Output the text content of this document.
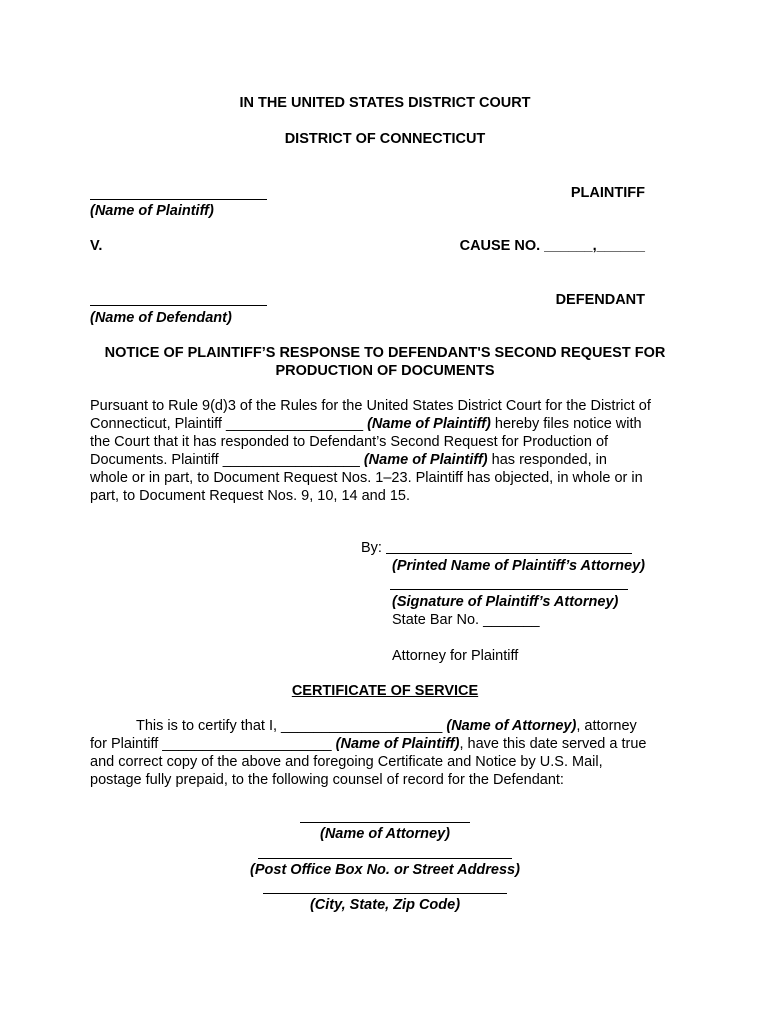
IN THE UNITED STATES DISTRICT COURT
DISTRICT OF CONNECTICUT
PLAINTIFF
(Name of Plaintiff)
V.	CAUSE NO. ______,______
DEFENDANT
(Name of Defendant)
NOTICE OF PLAINTIFF’S RESPONSE TO DEFENDANT'S SECOND REQUEST FOR
PRODUCTION OF DOCUMENTS
Pursuant to Rule 9(d)3 of the Rules for the United States District Court for the District of
Connecticut, Plaintiff _________________ (Name of Plaintiff) hereby files notice with
the Court that it has responded to Defendant’s Second Request for Production of
Documents. Plaintiff _________________ (Name of Plaintiff) has responded, in
whole or in part, to Document Request Nos. 1–23. Plaintiff has objected, in whole or in
part, to Document Request Nos. 9, 10, 14 and 15.
By:
(Printed Name of Plaintiff’s Attorney)
(Signature of Plaintiff’s Attorney)
State Bar No. _______
Attorney for Plaintiff
CERTIFICATE OF SERVICE
This is to certify that I, ____________________ (Name of Attorney), attorney
for Plaintiff _____________________ (Name of Plaintiff), have this date served a true
and correct copy of the above and foregoing Certificate and Notice by U.S. Mail,
postage fully prepaid, to the following counsel of record for the Defendant:
(Name of Attorney)
(Post Office Box No. or Street Address)
(City, State, Zip Code)
